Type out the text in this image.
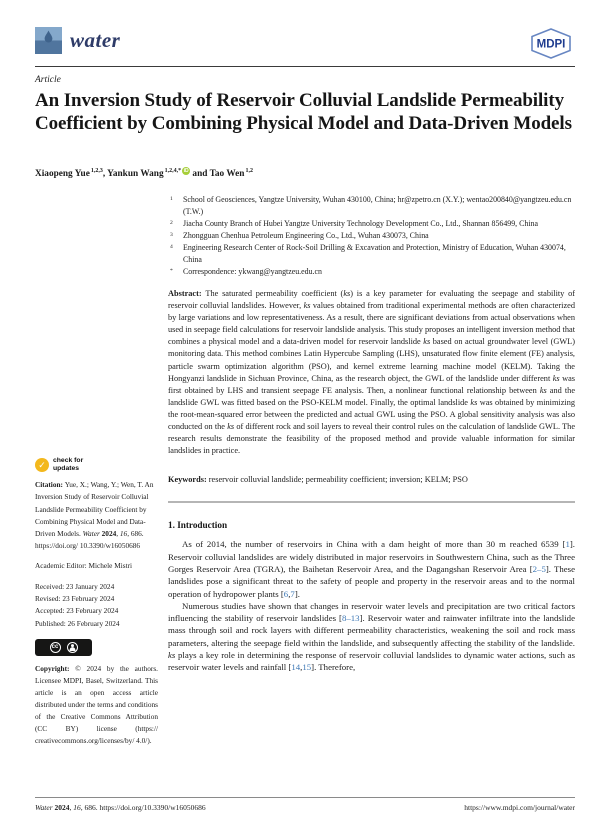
water	MDPI
Article
An Inversion Study of Reservoir Colluvial Landslide Permeability Coefficient by Combining Physical Model and Data-Driven Models
Xiaopeng Yue$^{1,2,3}$, Yankun Wang$^{1,2,4,*}$ iD and Tao Wen$^{1,2}$
✓	check for
updates

Citation: Yue, X.; Wang, Y.; Wen, T. An Inversion Study of Reservoir Colluvial Landslide Permeability Coefficient by Combining Physical Model and Data-Driven Models. Water 2024, 16, 686. https://doi.org/ 10.3390/w16050686

Academic Editor: Michele Mistri

Received: 23 January 2024
Revised: 23 February 2024
Accepted: 23 February 2024
Published: 26 February 2024
cc
BY

Copyright: © 2024 by the authors. Licensee MDPI, Basel, Switzerland. This article is an open access article distributed under the terms and conditions of the Creative Commons Attribution (CC BY) license (https:// creativecommons.org/licenses/by/ 4.0/).

1 School of Geosciences, Yangtze University, Wuhan 430100, China; hr@zpetro.cn (X.Y.); wentao200840@yangtzeu.edu.cn (T.W.)
2 Jiacha County Branch of Hubei Yangtze University Technology Development Co., Ltd., Shannan 856499, China
3 Zhongguan Chenhua Petroleum Engineering Co., Ltd., Wuhan 430073, China
4 Engineering Research Center of Rock-Soil Drilling & Excavation and Protection, Ministry of Education, Wuhan 430074, China
* Correspondence: ykwang@yangtzeu.edu.cn

Abstract: The saturated permeability coefficient (ks) is a key parameter for evaluating the seepage and stability of reservoir colluvial landslides. However, ks values obtained from traditional experimental methods are often characterized by large variations and low representativeness. As a result, there are significant deviations from actual observations when used in seepage field calculations for reservoir landslide analysis. This study proposes an intelligent inversion method that combines a physical model and a data-driven model for reservoir landslide ks based on actual groundwater level (GWL) monitoring data. This method combines Latin Hypercube Sampling (LHS), unsaturated flow finite element (FE) analysis, particle swarm optimization algorithm (PSO), and kernel extreme learning machine model (KELM). Taking the Hongyanzi landslide in Sichuan Province, China, as the research object, the GWL of the landslide under different ks was first obtained by LHS and transient seepage FE analysis. Then, a nonlinear functional relationship between ks and the landslide GWL was fitted based on the PSO-KELM model. Finally, the optimal landslide ks was obtained by minimizing the root-mean-squared error between the predicted and actual GWL using the PSO. A global sensitivity analysis was also conducted on the ks of different rock and soil layers to reveal their control rules on the calculation of landslide GWL. The research results demonstrate the feasibility of the proposed method and provide valuable information for similar landslides in practice.

Keywords: reservoir colluvial landslide; permeability coefficient; inversion; KELM; PSO

1. Introduction

As of 2014, the number of reservoirs in China with a dam height of more than 30 m reached 6539 [1]. Reservoir colluvial landslides are widely distributed in major reservoirs in Southwestern China, such as the Three Gorges Reservoir Area (TGRA), the Baihetan Reservoir Area, and the Dagangshan Reservoir Area [2–5]. These landslides pose a significant threat to the safety of people and property in the reservoir areas and to the normal operation of hydropower plants [6,7].

Numerous studies have shown that changes in reservoir water levels and precipitation are two critical factors influencing the stability of reservoir landslides [8–13]. Reservoir water and rainwater infiltrate into the landslide mass through soil and rock layers with different permeability characteristics, weakening the soil and rock mass parameters, altering the seepage field within the landslide, and subsequently affecting the stability of the landslide. ks plays a key role in determining the response of reservoir colluvial landslides to dynamic water actions, such as reservoir water levels and rainfall [14,15]. Therefore,

Water 2024, 16, 686. https://doi.org/10.3390/w16050686	https://www.mdpi.com/journal/water
